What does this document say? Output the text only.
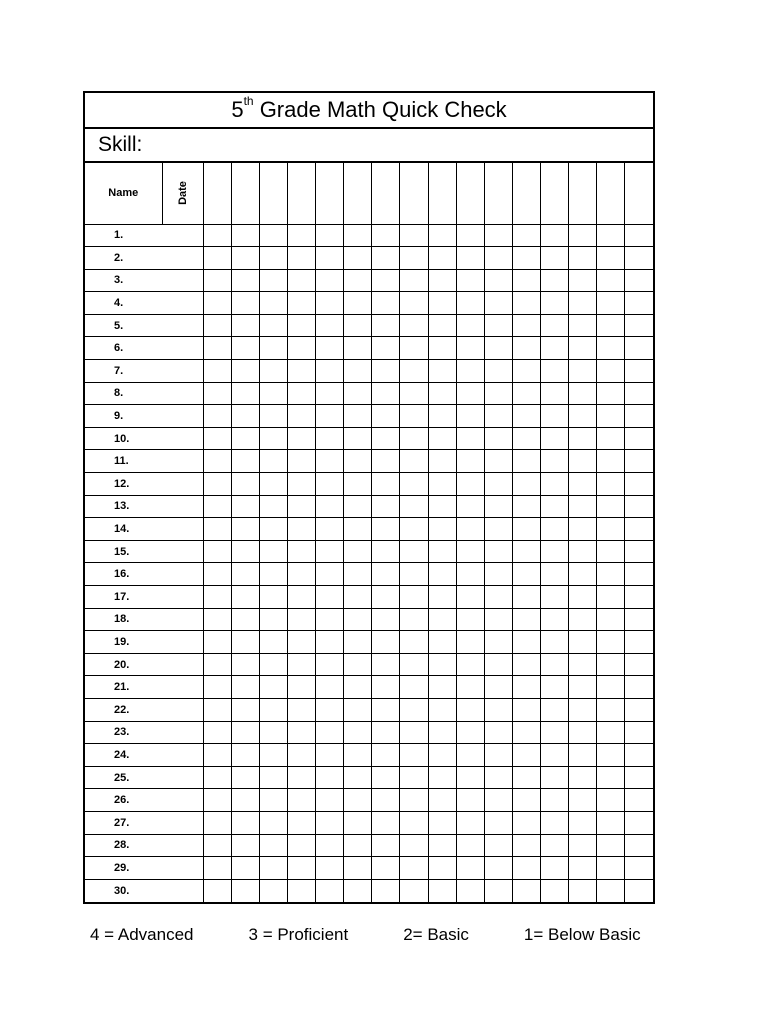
5th Grade Math Quick Check
Skill:
Name	Date																

1.																	
2.																	
3.																	
4.																	
5.																	
6.																	
7.																	
8.																	
9.																	
10.																	
11.																	
12.																	
13.																	
14.																	
15.																	
16.																	
17.																	
18.																	
19.																	
20.																	
21.																	
22.																	
23.																	
24.																	
25.																	
26.																	
27.																	
28.																	
29.																	
30.																	
4 = Advanced	3 = Proficient	2= Basic	1= Below Basic
